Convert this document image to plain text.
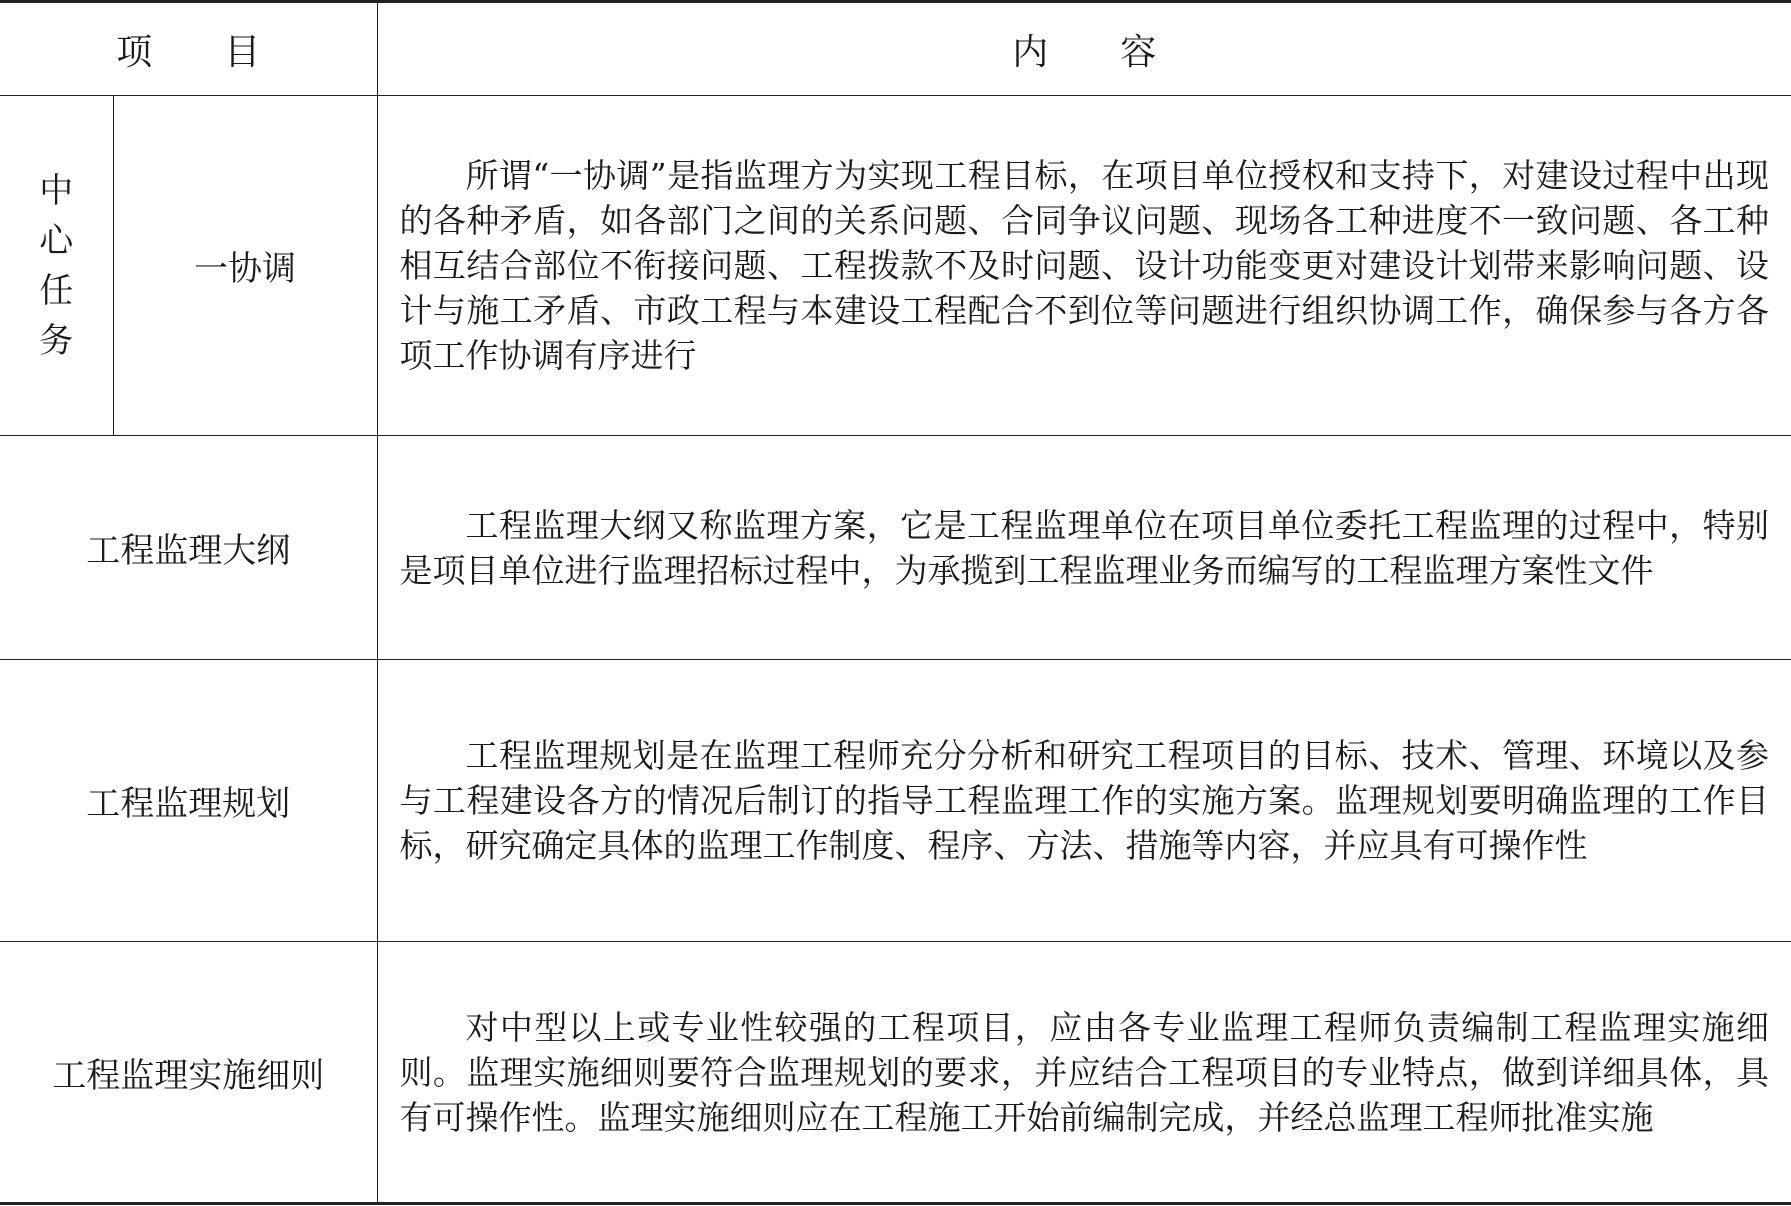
项　　目		内　　容
中心任务	一协调	所谓“一协调”是指监理方为实现工程目标，在项目单位授权和支持下，对建设过程中出现的各种矛盾，如各部门之间的关系问题、合同争议问题、现场各工种进度不一致问题、各工种相互结合部位不衔接问题、工程拨款不及时问题、设计功能变更对建设计划带来影响问题、设计与施工矛盾、市政工程与本建设工程配合不到位等问题进行组织协调工作，确保参与各方各项工作协调有序进行

工程监理大纲		工程监理大纲又称监理方案，它是工程监理单位在项目单位委托工程监理的过程中，特别是项目单位进行监理招标过程中，为承揽到工程监理业务而编写的工程监理方案性文件

工程监理规划		工程监理规划是在监理工程师充分分析和研究工程项目的目标、技术、管理、环境以及参与工程建设各方的情况后制订的指导工程监理工作的实施方案。监理规划要明确监理的工作目标，研究确定具体的监理工作制度、程序、方法、措施等内容，并应具有可操作性

工程监理实施细则		对中型以上或专业性较强的工程项目，应由各专业监理工程师负责编制工程监理实施细则。监理实施细则要符合监理规划的要求，并应结合工程项目的专业特点，做到详细具体，具有可操作性。监理实施细则应在工程施工开始前编制完成，并经总监理工程师批准实施
